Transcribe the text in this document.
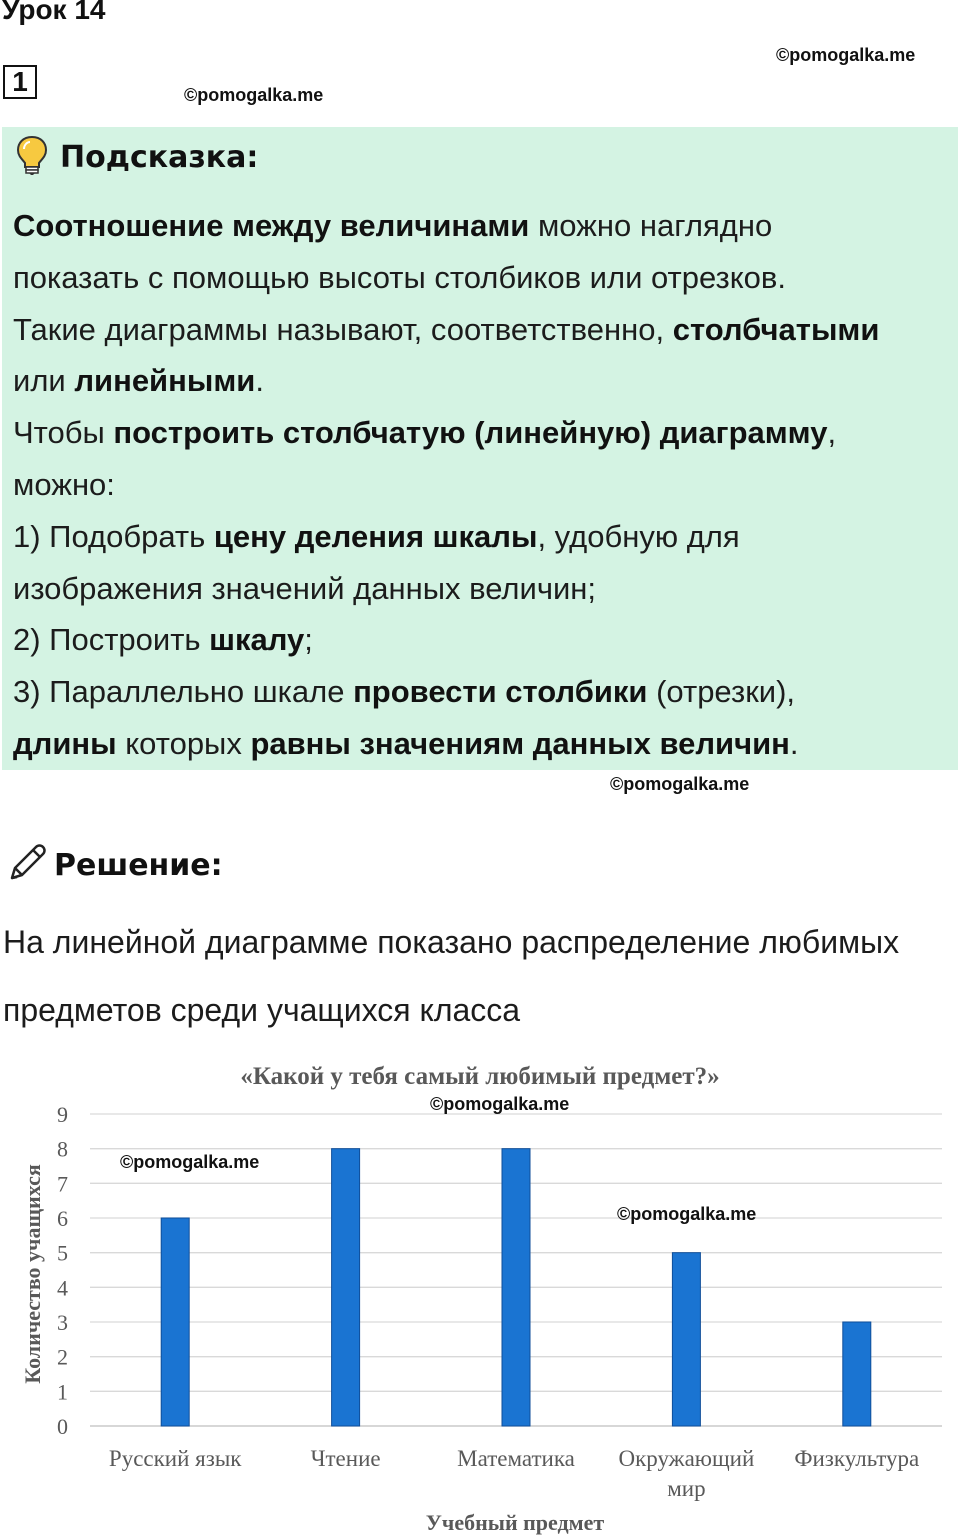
Урок 14
1
©pomogalka.me
©pomogalka.me
Подсказка:
Соотношение между величинами можно наглядно
показать с помощью высоты столбиков или отрезков.
Такие диаграммы называют, соответственно, столбчатыми
или линейными.
Чтобы построить столбчатую (линейную) диаграмму,
можно:
1) Подобрать цену деления шкалы, удобную для
изображения значений данных величин;
2) Построить шкалу;
3) Параллельно шкале провести столбики (отрезки),
длины которых равны значениям данных величин.
©pomogalka.me
Решение:
На линейной диаграмме показано распределение любимых
предметов среди учащихся класса
«Какой у тебя самый любимый предмет?»
Количество учащихся
Учебный предмет
0
1
2
3
4
5
6
7
8
9
Русский язык	Чтение	Математика Окружающий
мир
Физкультура
©pomogalka.me
©pomogalka.me
©pomogalka.me
